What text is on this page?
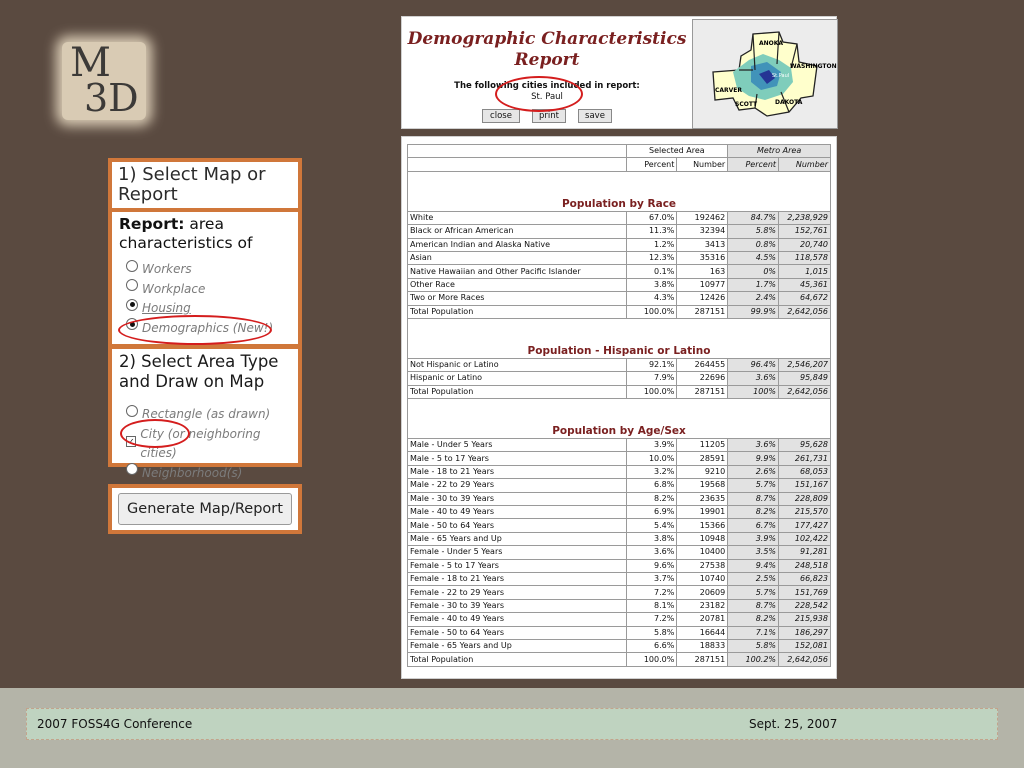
M
3D
1) Select Map or Report
Report: area characteristics of
Workers
Workplace
Housing
Demographics (New!)
2) Select Area Type and Draw on Map
Rectangle (as drawn)
✓
City (or neighboring cities)
Neighborhood(s)
Generate Map/Report
Demographic Characteristics
Report
The following cities included in report:
St. Paul
close	print	save
ANOKA
WASHINGTON
St.Paul
CARVER
SCOTT	DAKOTA
	Selected Area		Metro Area	
	Percent	Number	Percent	Number
Population by Race				
White	67.0%	192462	84.7%	2,238,929
Black or African American	11.3%	32394	5.8%	152,761
American Indian and Alaska Native	1.2%	3413	0.8%	20,740
Asian	12.3%	35316	4.5%	118,578
Native Hawaiian and Other Pacific Islander	0.1%	163	0%	1,015
Other Race	3.8%	10977	1.7%	45,361
Two or More Races	4.3%	12426	2.4%	64,672
Total Population	100.0%	287151	99.9%	2,642,056
Population - Hispanic or Latino				
Not Hispanic or Latino	92.1%	264455	96.4%	2,546,207
Hispanic or Latino	7.9%	22696	3.6%	95,849
Total Population	100.0%	287151	100%	2,642,056
Population by Age/Sex				
Male - Under 5 Years	3.9%	11205	3.6%	95,628
Male - 5 to 17 Years	10.0%	28591	9.9%	261,731
Male - 18 to 21 Years	3.2%	9210	2.6%	68,053
Male - 22 to 29 Years	6.8%	19568	5.7%	151,167
Male - 30 to 39 Years	8.2%	23635	8.7%	228,809
Male - 40 to 49 Years	6.9%	19901	8.2%	215,570
Male - 50 to 64 Years	5.4%	15366	6.7%	177,427
Male - 65 Years and Up	3.8%	10948	3.9%	102,422
Female - Under 5 Years	3.6%	10400	3.5%	91,281
Female - 5 to 17 Years	9.6%	27538	9.4%	248,518
Female - 18 to 21 Years	3.7%	10740	2.5%	66,823
Female - 22 to 29 Years	7.2%	20609	5.7%	151,769
Female - 30 to 39 Years	8.1%	23182	8.7%	228,542
Female - 40 to 49 Years	7.2%	20781	8.2%	215,938
Female - 50 to 64 Years	5.8%	16644	7.1%	186,297
Female - 65 Years and Up	6.6%	18833	5.8%	152,081
Total Population	100.0%	287151	100.2%	2,642,056
2007 FOSS4G Conference	Sept. 25, 2007
